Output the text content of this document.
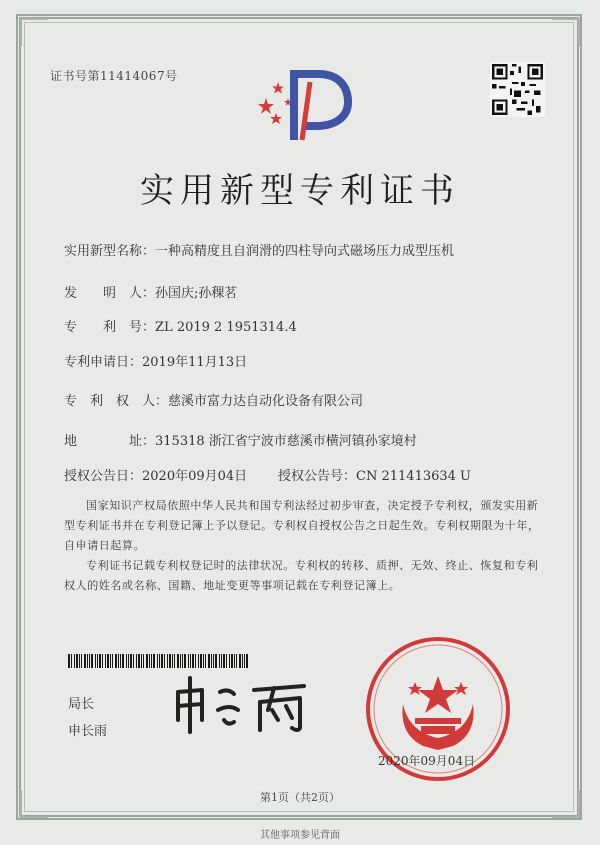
证书号第11414067号
实用新型专利证书
实用新型名称：一种高精度且自润滑的四柱导向式磁场压力成型压机
发　　明　人：孙国庆;孙稞茗
专　　利　号：ZL 2019 2 1951314.4
专利申请日：2019年11月13日
专　利　权　人：慈溪市富力达自动化设备有限公司
地　　　　址：315318 浙江省宁波市慈溪市横河镇孙家境村
授权公告日：2020年09月04日 授权公告号：CN 211413634 U
国家知识产权局依照中华人民共和国专利法经过初步审查，决定授予专利权，颁发实用新型专利证书并在专利登记簿上予以登记。专利权自授权公告之日起生效。专利权期限为十年，自申请日起算。
专利证书记载专利权登记时的法律状况。专利权的转移、质押、无效、终止、恢复和专利权人的姓名或名称、国籍、地址变更等事项记载在专利登记簿上。
局长
申长雨
2020年09月04日
第1页（共2页）
其他事项参见背面
